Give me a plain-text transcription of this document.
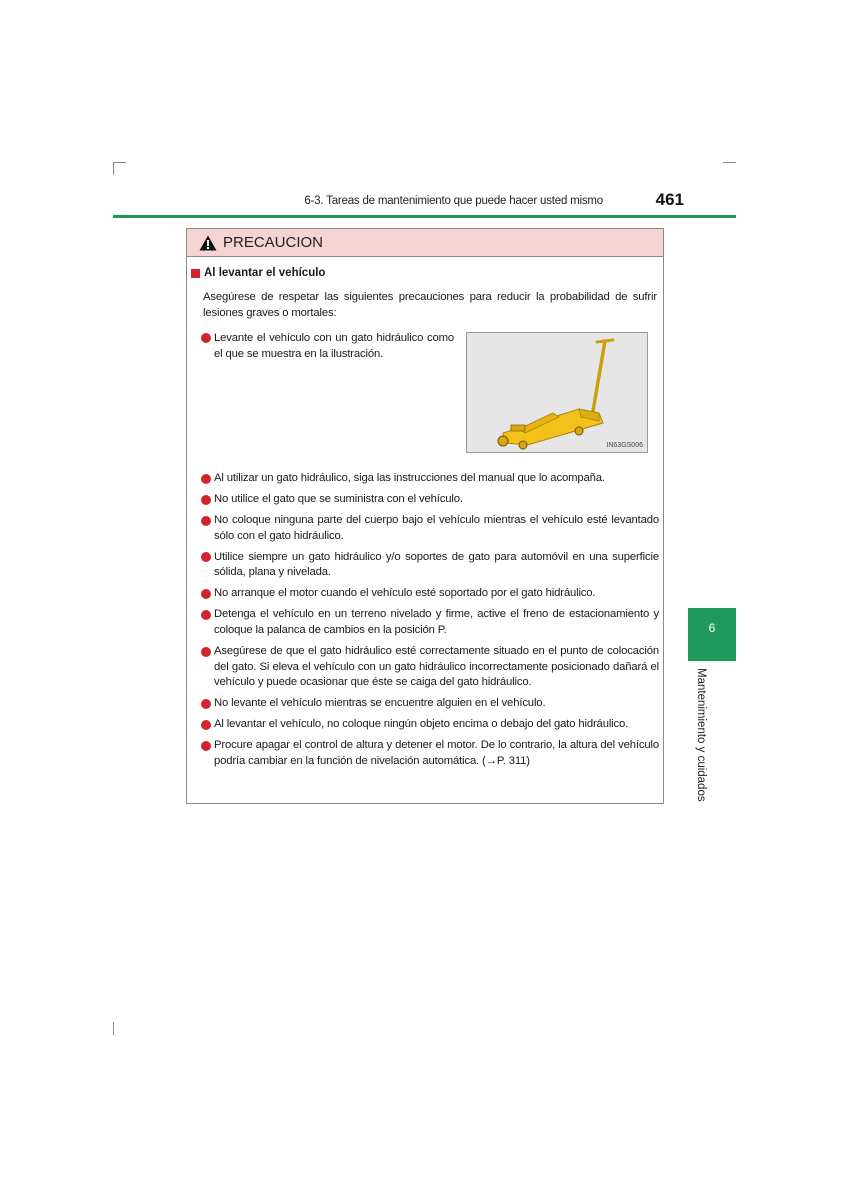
6-3. Tareas de mantenimiento que puede hacer usted mismo	461
6
Mantenimiento y cuidados
PRECAUCION
Al levantar el vehículo
Asegúrese de respetar las siguientes precauciones para reducir la probabilidad de sufrir lesiones graves o mortales:
Levante el vehículo con un gato hidráulico como el que se muestra en la ilustración.
IN63GS006
Al utilizar un gato hidráulico, siga las instrucciones del manual que lo acompaña.
No utilice el gato que se suministra con el vehículo.
No coloque ninguna parte del cuerpo bajo el vehículo mientras el vehículo esté levantado sólo con el gato hidráulico.
Utilice siempre un gato hidráulico y/o soportes de gato para automóvil en una superficie sólida, plana y nivelada.
No arranque el motor cuando el vehículo esté soportado por el gato hidráulico.
Detenga el vehículo en un terreno nivelado y firme, active el freno de estacionamiento y coloque la palanca de cambios en la posición P.
Asegúrese de que el gato hidráulico esté correctamente situado en el punto de colocación del gato. Si eleva el vehículo con un gato hidráulico incorrectamente posicionado dañará el vehículo y puede ocasionar que éste se caiga del gato hidráulico.
No levante el vehículo mientras se encuentre alguien en el vehículo.
Al levantar el vehículo, no coloque ningún objeto encima o debajo del gato hidráulico.
Procure apagar el control de altura y detener el motor. De lo contrario, la altura del vehículo podría cambiar en la función de nivelación automática. (→P. 311)
